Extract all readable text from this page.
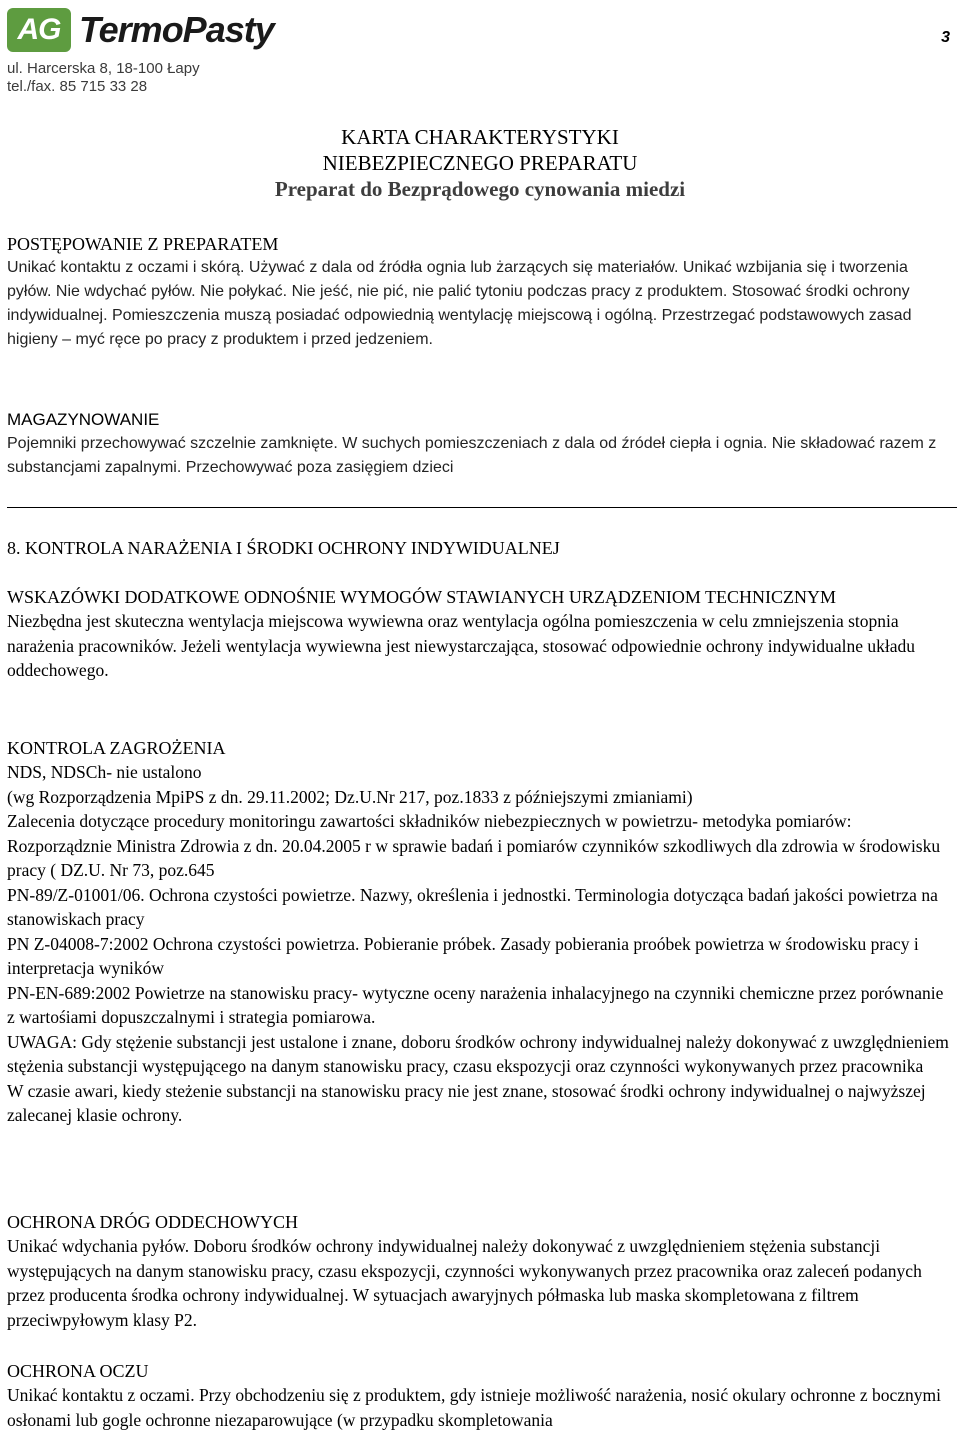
AG TermoPasty	3
ul. Harcerska 8, 18-100 Łapy
tel./fax. 85 715 33 28
KARTA CHARAKTERYSTYKI
NIEBEZPIECZNEGO PREPARATU
Preparat do Bezprądowego cynowania miedzi
POSTĘPOWANIE Z PREPARATEM
Unikać kontaktu z oczami i skórą. Używać z dala od źródła ognia lub żarzących się materiałów. Unikać wzbijania się i tworzenia pyłów. Nie wdychać pyłów. Nie połykać. Nie jeść, nie pić, nie palić tytoniu podczas pracy z produktem. Stosować środki ochrony indywidualnej. Pomieszczenia muszą posiadać odpowiednią wentylację miejscową i ogólną. Przestrzegać podstawowych zasad higieny – myć ręce po pracy z produktem i przed jedzeniem.
MAGAZYNOWANIE
Pojemniki przechowywać szczelnie zamknięte. W suchych pomieszczeniach z dala od źródeł ciepła i ognia. Nie składować razem z substancjami zapalnymi. Przechowywać poza zasięgiem dzieci
8. KONTROLA NARAŻENIA I ŚRODKI OCHRONY INDYWIDUALNEJ
WSKAZÓWKI DODATKOWE ODNOŚNIE WYMOGÓW STAWIANYCH URZĄDZENIOM TECHNICZNYM
Niezbędna jest skuteczna wentylacja miejscowa wywiewna oraz wentylacja ogólna pomieszczenia w celu zmniejszenia stopnia narażenia pracowników. Jeżeli wentylacja wywiewna jest niewystarczająca, stosować odpowiednie ochrony indywidualne układu oddechowego.
KONTROLA ZAGROŻENIA
NDS, NDSCh- nie ustalono
(wg Rozporządzenia MpiPS z dn. 29.11.2002; Dz.U.Nr 217, poz.1833 z późniejszymi zmianiami)
Zalecenia dotyczące procedury monitoringu zawartości składników niebezpiecznych w powietrzu- metodyka pomiarów:
Rozporządznie Ministra Zdrowia z dn. 20.04.2005 r w sprawie badań i pomiarów czynników szkodliwych dla zdrowia w środowisku pracy ( DZ.U. Nr 73, poz.645
PN-89/Z-01001/06. Ochrona czystości powietrze. Nazwy, określenia i jednostki. Terminologia dotycząca badań jakości powietrza na stanowiskach pracy
PN Z-04008-7:2002 Ochrona czystości powietrza. Pobieranie próbek. Zasady pobierania proóbek powietrza w środowisku pracy i interpretacja wyników
PN-EN-689:2002 Powietrze na stanowisku pracy- wytyczne oceny narażenia inhalacyjnego na czynniki chemiczne przez porównanie z wartośiami dopuszczalnymi i strategia pomiarowa.
UWAGA: Gdy stężenie substancji jest ustalone i znane, doboru środków ochrony indywidualnej należy dokonywać z uwzględnieniem stężenia substancji występującego na danym stanowisku pracy, czasu ekspozycji oraz czynności wykonywanych przez pracownika
W czasie awari, kiedy steżenie substancji na stanowisku pracy nie jest znane, stosować środki ochrony indywidualnej o najwyższej zalecanej klasie ochrony.
OCHRONA DRÓG ODDECHOWYCH
Unikać wdychania pyłów. Doboru środków ochrony indywidualnej należy dokonywać z uwzględnieniem stężenia substancji występujących na danym stanowisku pracy, czasu ekspozycji, czynności wykonywanych przez pracownika oraz zaleceń podanych przez producenta środka ochrony indywidualnej. W sytuacjach awaryjnych półmaska lub maska skompletowana z filtrem przeciwpyłowym klasy P2.
OCHRONA OCZU
Unikać kontaktu z oczami. Przy obchodzeniu się z produktem, gdy istnieje możliwość narażenia, nosić okulary ochronne z bocznymi osłonami lub gogle ochronne niezaparowujące (w przypadku skompletowania
